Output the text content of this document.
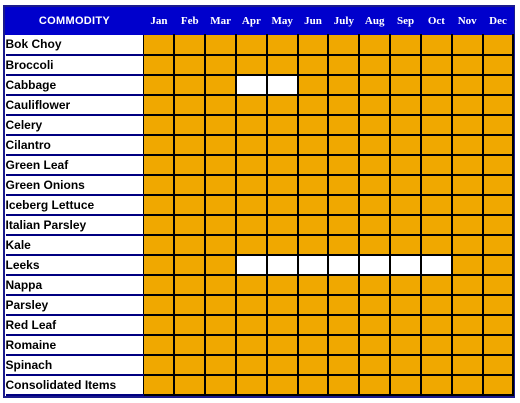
COMMODITY	Jan	Feb	Mar	Apr	May	Jun	July	Aug	Sep	Oct	Nov	Dec
Bok Choy												
Broccoli												
Cabbage												
Cauliflower												
Celery												
Cilantro												
Green Leaf												
Green Onions												
Iceberg Lettuce												
Italian Parsley												
Kale												
Leeks												
Nappa												
Parsley												
Red Leaf												
Romaine												
Spinach												
Consolidated Items												
